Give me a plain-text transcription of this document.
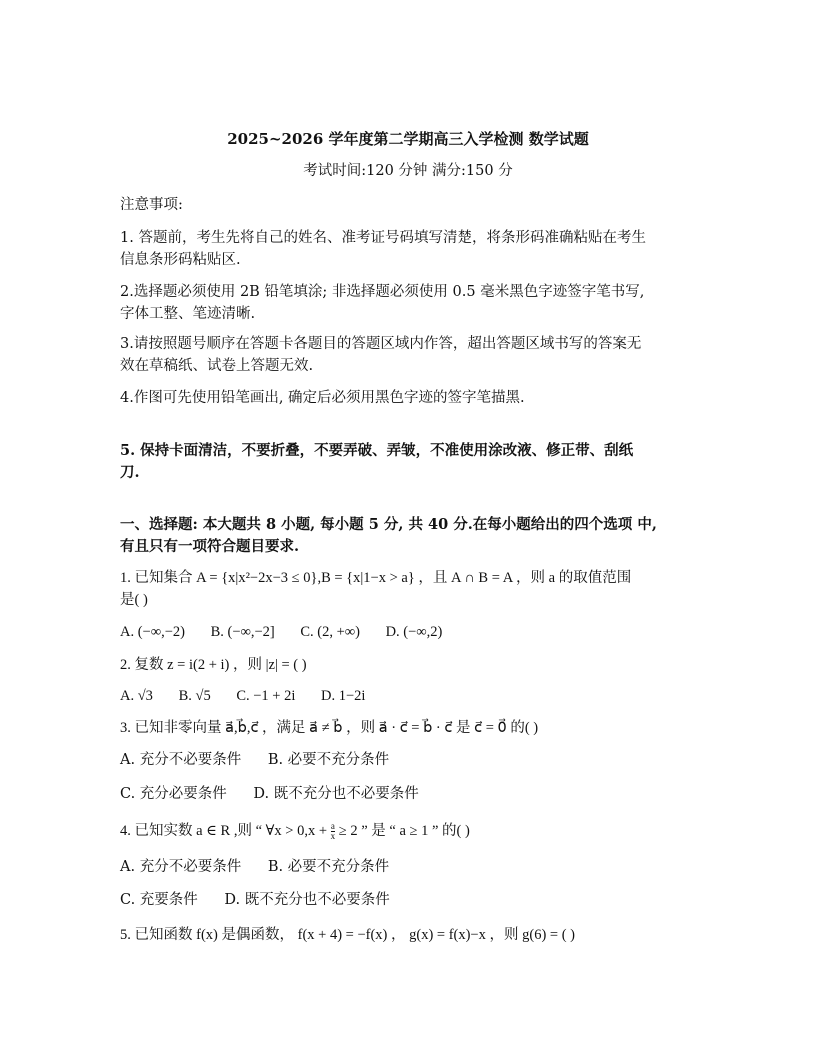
2025~2026 学年度第二学期高三入学检测 数学试题
考试时间:120 分钟 满分:150 分
注意事项:
1. 答题前，考生先将自己的姓名、准考证号码填写清楚，将条形码准确粘贴在考生
信息条形码粘贴区.
2.选择题必须使用 2B 铅笔填涂; 非选择题必须使用 0.5 毫米黑色字迹签字笔书写,
字体工整、笔迹清晰.
3.请按照题号顺序在答题卡各题目的答题区域内作答，超出答题区域书写的答案无
效在草稿纸、试卷上答题无效.
4.作图可先使用铅笔画出, 确定后必须用黑色字迹的签字笔描黑.
5. 保持卡面清洁，不要折叠，不要弄破、弄皱，不准使用涂改液、修正带、刮纸
刀.
一、选择题: 本大题共 8 小题, 每小题 5 分, 共 40 分.在每小题给出的四个选项 中,
有且只有一项符合题目要求.
1. 已知集合 A = {x|x²−2x−3 ≤ 0},B = {x|1−x > a} ，且 A ∩ B = A ，则 a 的取值范围
是( )
A. (−∞,−2) B. (−∞,−2] C. (2, +∞) D. (−∞,2)
2. 复数 z = i(2 + i) ，则 |z| = ( )
A. √3 B. √5 C. −1 + 2i D. 1−2i
3. 已知非零向量 a⃗,b⃗,c⃗ ，满足 a⃗ ≠ b⃗ ，则 a⃗ · c⃗ = b⃗ · c⃗ 是 c⃗ = 0⃗ 的( )
A. 充分不必要条件 B. 必要不充分条件
C. 充分必要条件 D. 既不充分也不必要条件
4. 已知实数 a ∈ R ,则 “ ∀x > $0,x + \frac{a}{x} \ge 2$ ” 是 “ a ≥ 1 ” 的( )
A. 充分不必要条件 B. 必要不充分条件
C. 充要条件 D. 既不充分也不必要条件
5. 已知函数 f(x) 是偶函数， f(x + 4) = −f(x) ， g(x) = f(x)−x ，则 g(6) = ( )
